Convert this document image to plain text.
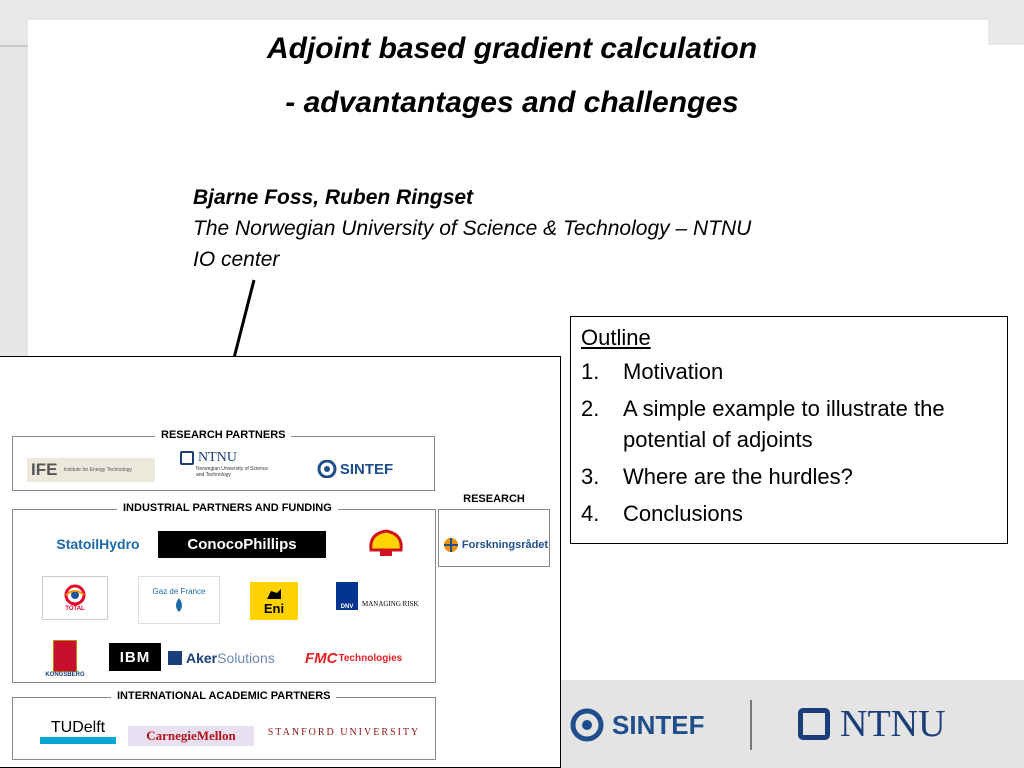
Adjoint based gradient calculation
- advantantages and challenges
Bjarne Foss, Ruben Ringset
The Norwegian University of Science & Technology – NTNU
IO center
Outline
1.	Motivation
2.	A simple example to illustrate the potential of adjoints
3.	Where are the hurdles?
4.	Conclusions
RESEARCH PARTNERS
IFE Institute for Energy Technology
NTNU
Norwegian University of Science and Technology	SINTEF
INDUSTRIAL PARTNERS AND FUNDING
StatoilHydro	ConocoPhillips
TOTAL
Gaz de France
Eni	DNV	MANAGING RISK
KONGSBERG
IBM	Aker Solutions FMC Technologies
RESEARCH
Forskningsrådet
INTERNATIONAL ACADEMIC PARTNERS
TUDelft	CarnegieMellon	STANFORD UNIVERSITY	SINTEF	NTNU
